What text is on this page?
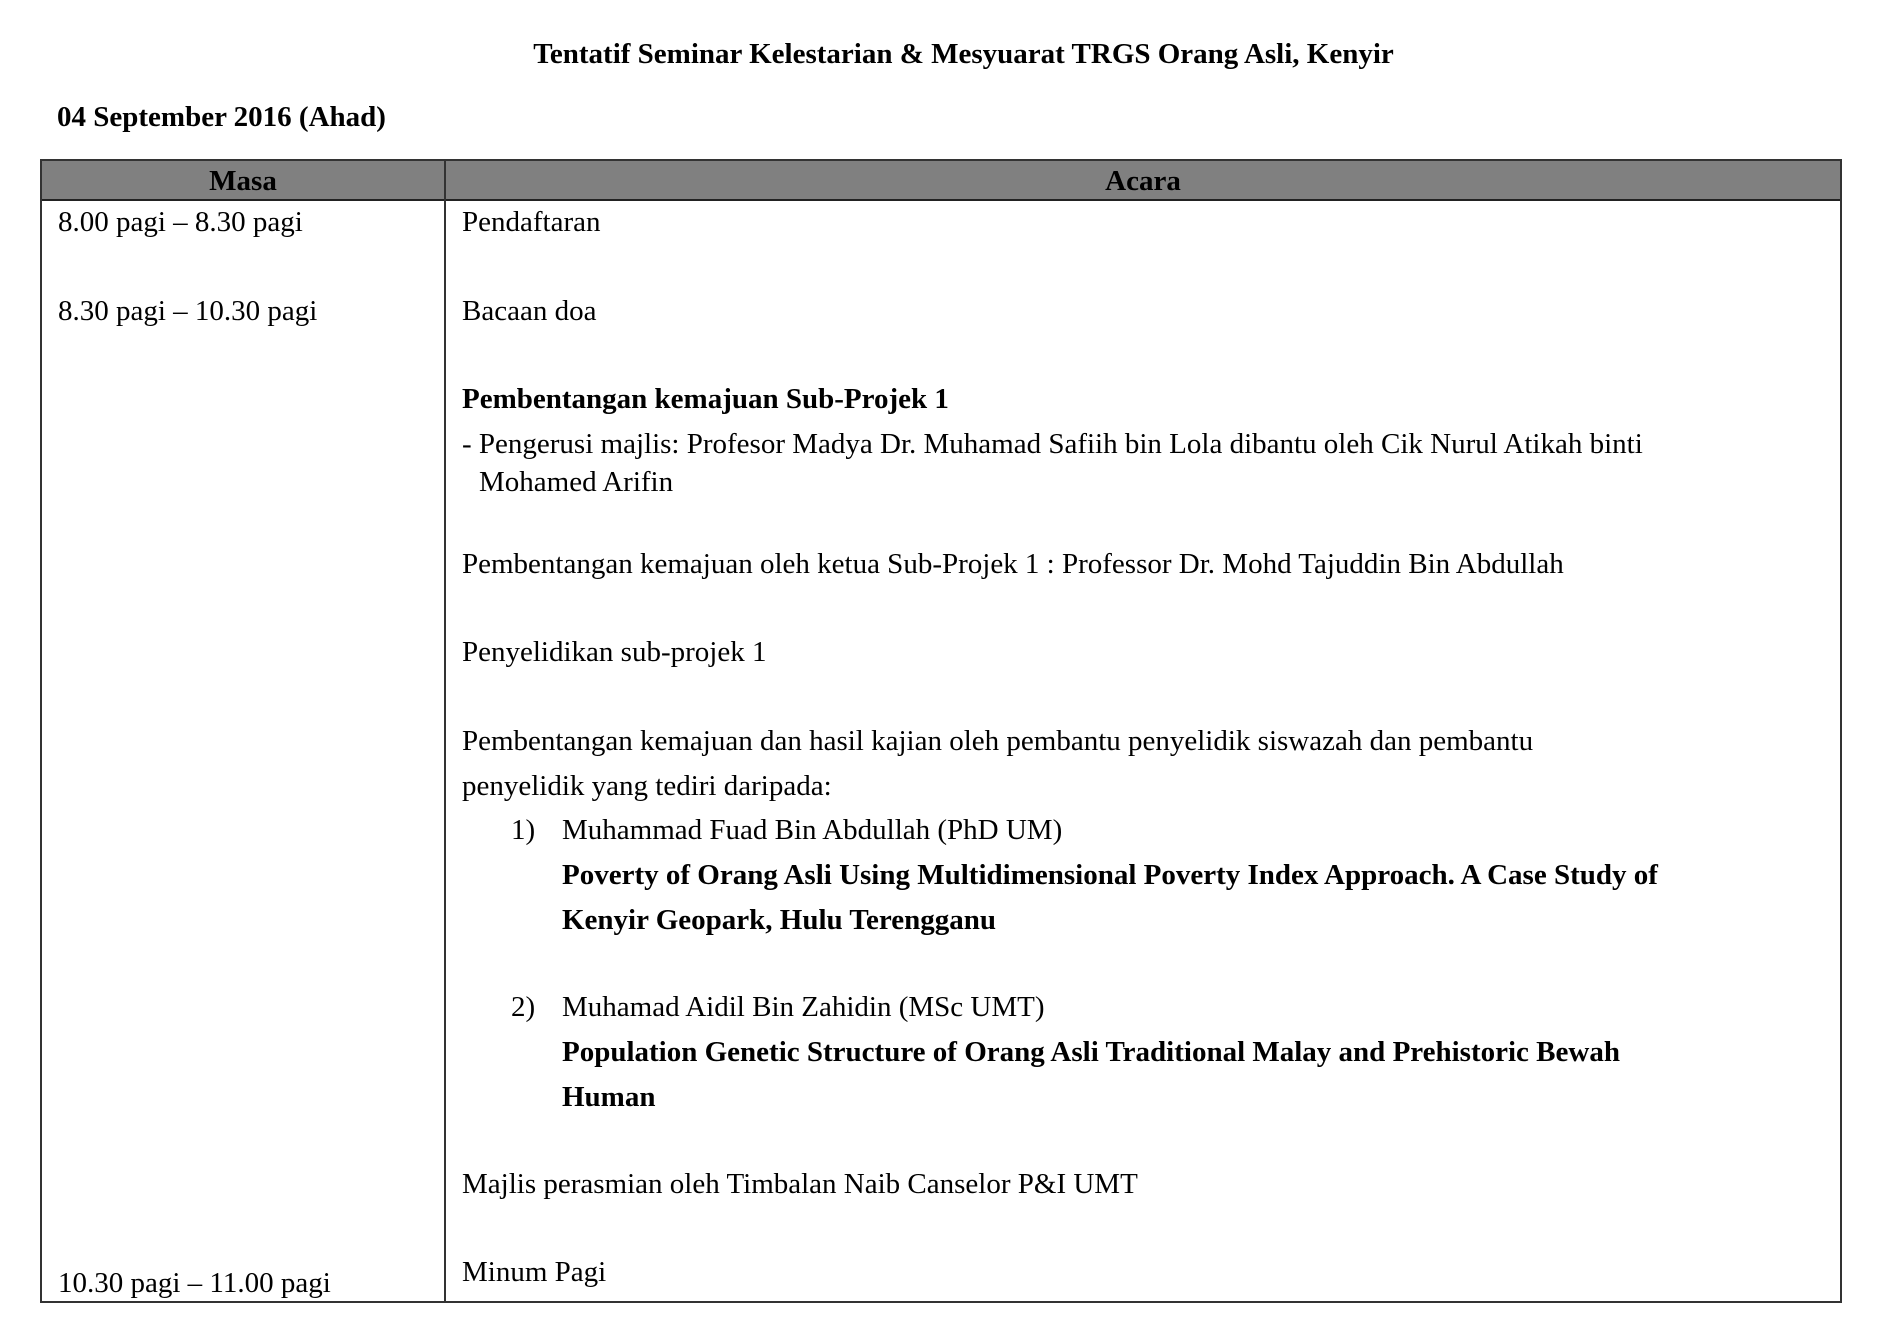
Tentatif Seminar Kelestarian & Mesyuarat TRGS Orang Asli, Kenyir
04 September 2016 (Ahad)
Masa	Acara
8.00 pagi – 8.30 pagi
8.30 pagi – 10.30 pagi
10.30 pagi – 11.00 pagi
Pendaftaran
Bacaan doa
Pembentangan kemajuan Sub-Projek 1
- Pengerusi majlis: Profesor Madya Dr. Muhamad Safiih bin Lola dibantu oleh Cik Nurul Atikah binti
Mohamed Arifin
Pembentangan kemajuan oleh ketua Sub-Projek 1 : Professor Dr. Mohd Tajuddin Bin Abdullah
Penyelidikan sub-projek 1
Pembentangan kemajuan dan hasil kajian oleh pembantu penyelidik siswazah dan pembantu
penyelidik yang tediri daripada:
1) Muhammad Fuad Bin Abdullah (PhD UM)
Poverty of Orang Asli Using Multidimensional Poverty Index Approach. A Case Study of
Kenyir Geopark, Hulu Terengganu
2) Muhamad Aidil Bin Zahidin (MSc UMT)
Population Genetic Structure of Orang Asli Traditional Malay and Prehistoric Bewah
Human
Majlis perasmian oleh Timbalan Naib Canselor P&I UMT
Minum Pagi
